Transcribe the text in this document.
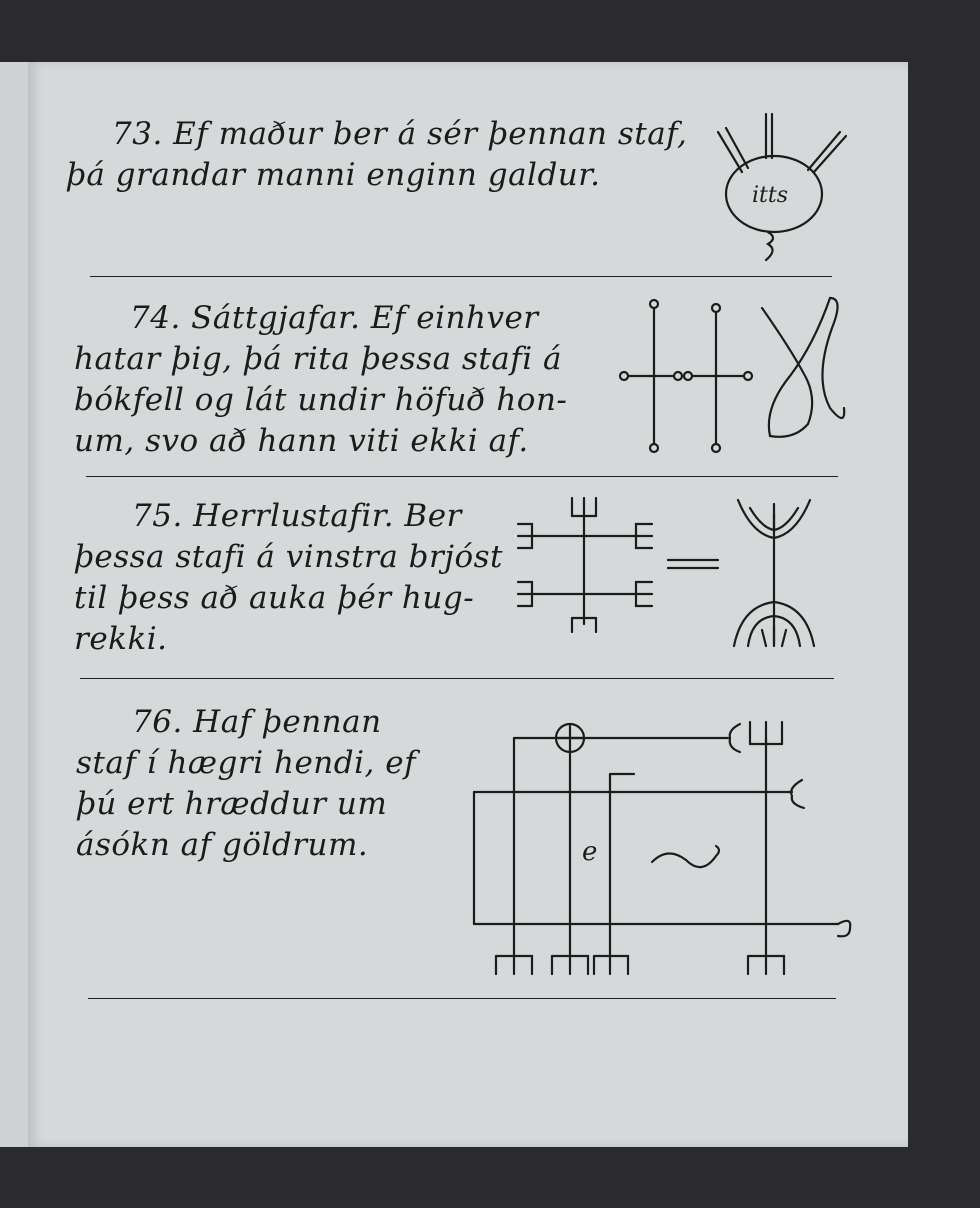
73. Ef maður ber á sér þennan staf,
þá grandar manni enginn galdur.
itts
74. Sáttgjafar. Ef einhver
hatar þig, þá rita þessa stafi á
bókfell og lát undir höfuð hon-
um, svo að hann viti ekki af.
75. Herrlustafir. Ber
þessa stafi á vinstra brjóst
til þess að auka þér hug-
rekki.
76. Haf þennan
staf í hægri hendi, ef
þú ert hræddur um
ásókn af göldrum.	e
